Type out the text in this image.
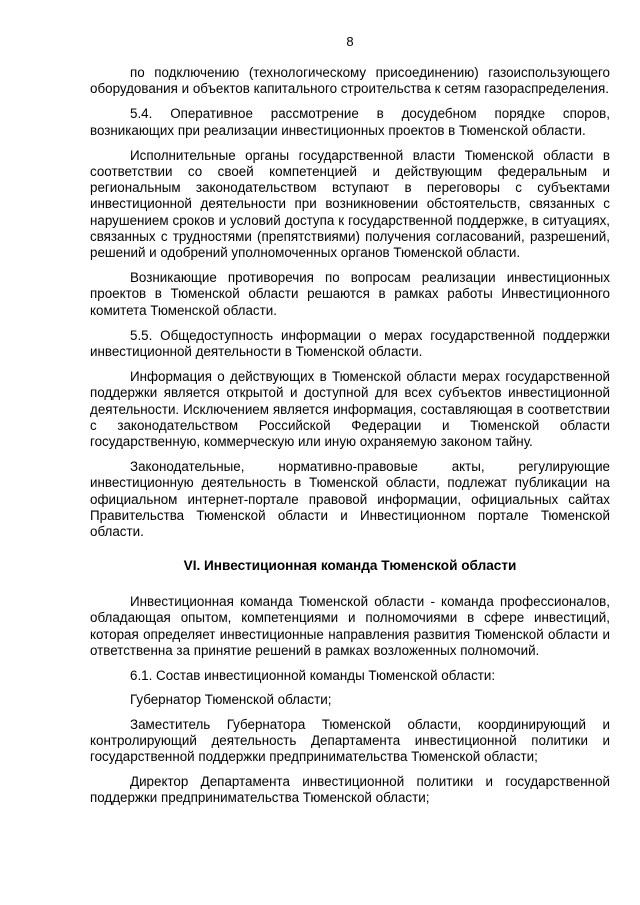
8

по подключению (технологическому присоединению) газоиспользующего оборудования и объектов капитального строительства к сетям газораспределения.

5.4. Оперативное рассмотрение в досудебном порядке споров, возникающих при реализации инвестиционных проектов в Тюменской области.

Исполнительные органы государственной власти Тюменской области в соответствии со своей компетенцией и действующим федеральным и региональным законодательством вступают в переговоры с субъектами инвестиционной деятельности при возникновении обстоятельств, связанных с нарушением сроков и условий доступа к государственной поддержке, в ситуациях, связанных с трудностями (препятствиями) получения согласований, разрешений, решений и одобрений уполномоченных органов Тюменской области.

Возникающие противоречия по вопросам реализации инвестиционных проектов в Тюменской области решаются в рамках работы Инвестиционного комитета Тюменской области.

5.5. Общедоступность информации о мерах государственной поддержки инвестиционной деятельности в Тюменской области.

Информация о действующих в Тюменской области мерах государственной поддержки является открытой и доступной для всех субъектов инвестиционной деятельности. Исключением является информация, составляющая в соответствии с законодательством Российской Федерации и Тюменской области государственную, коммерческую или иную охраняемую законом тайну.

Законодательные, нормативно-правовые акты, регулирующие инвестиционную деятельность в Тюменской области, подлежат публикации на официальном интернет-портале правовой информации, официальных сайтах Правительства Тюменской области и Инвестиционном портале Тюменской области.

VI. Инвестиционная команда Тюменской области

Инвестиционная команда Тюменской области - команда профессионалов, обладающая опытом, компетенциями и полномочиями в сфере инвестиций, которая определяет инвестиционные направления развития Тюменской области и ответственна за принятие решений в рамках возложенных полномочий.

6.1. Состав инвестиционной команды Тюменской области:

Губернатор Тюменской области;

Заместитель Губернатора Тюменской области, координирующий и контролирующий деятельность Департамента инвестиционной политики и государственной поддержки предпринимательства Тюменской области;

Директор Департамента инвестиционной политики и государственной поддержки предпринимательства Тюменской области;
